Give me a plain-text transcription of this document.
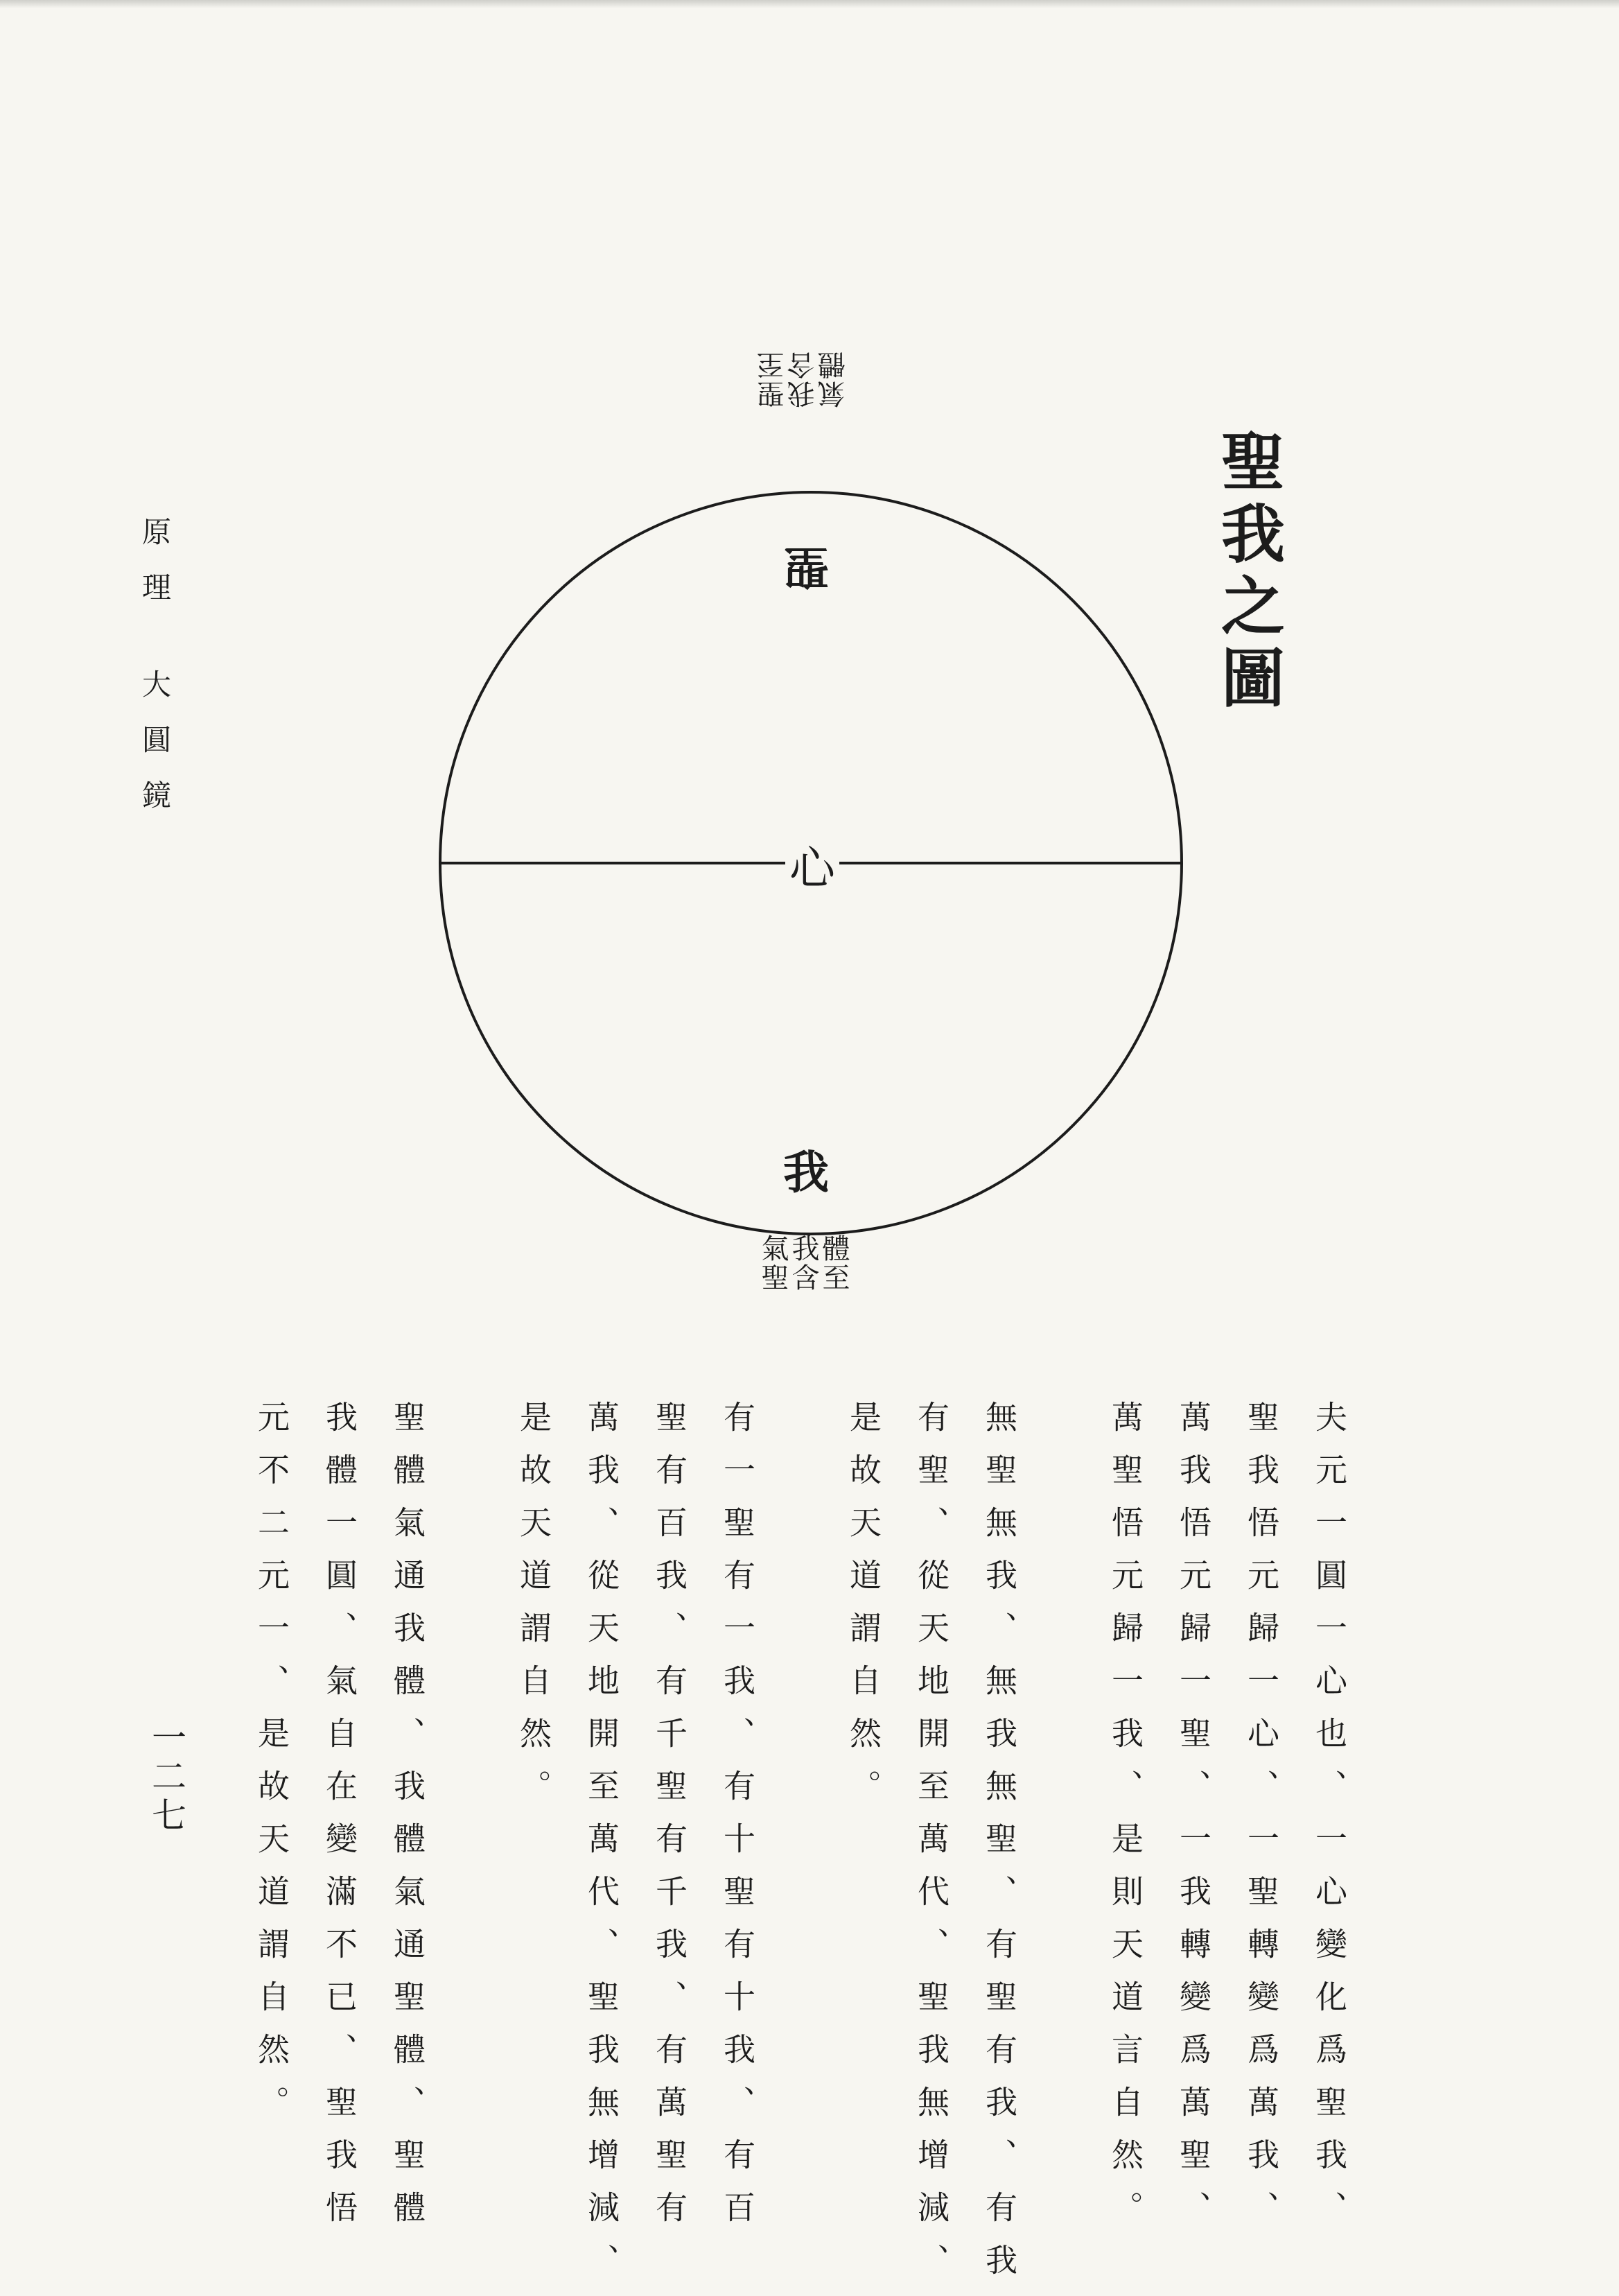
原理大圓鏡
一二七
聖我之圖
聖至
我含
氣體
聖
心
我
體至
我含
氣聖
夫元一圓一心也、一心變化爲聖我、
聖我悟元歸一心、一聖轉變爲萬我、
萬我悟元歸一聖、一我轉變爲萬聖、
萬聖悟元歸一我、是則天道言自然。
無聖無我、無我無聖、有聖有我、有我
有聖、從天地開至萬代、聖我無增減、
是故天道謂自然。
有一聖有一我、有十聖有十我、有百
聖有百我、有千聖有千我、有萬聖有
萬我、從天地開至萬代、聖我無增減、
是故天道謂自然。
聖體氣通我體、我體氣通聖體、聖體
我體一圓、氣自在變滿不已、聖我悟
元不二元一、是故天道謂自然。
